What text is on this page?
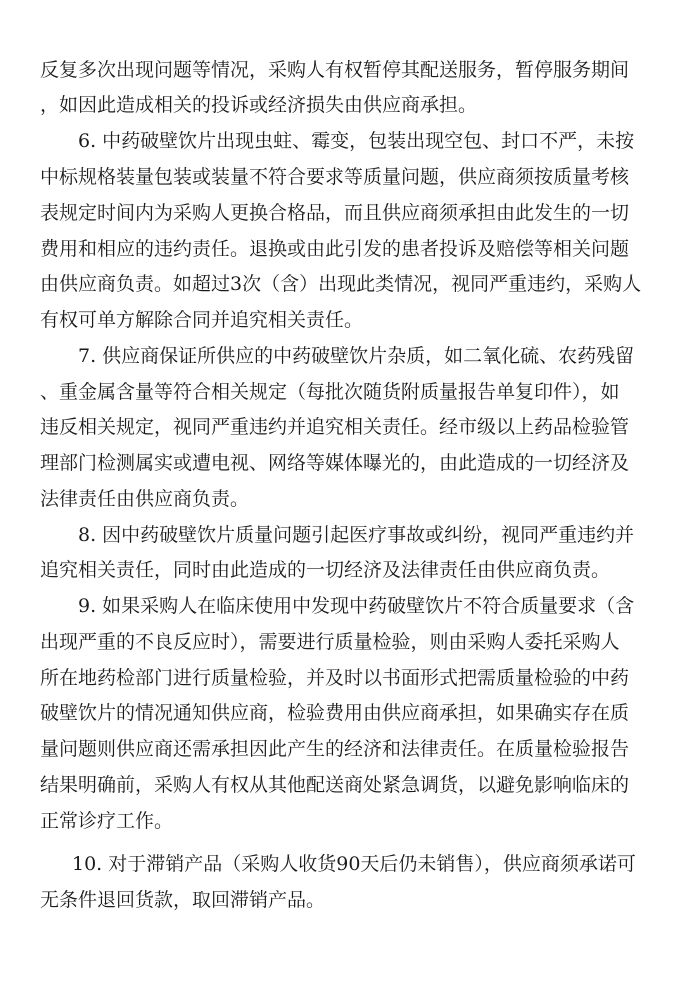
反复多次出现问题等情况，采购人有权暂停其配送服务，暂停服务期间
，如因此造成相关的投诉或经济损失由供应商承担。
6. 中药破壁饮片出现虫蛀、霉变，包装出现空包、封口不严，未按
中标规格装量包装或装量不符合要求等质量问题，供应商须按质量考核
表规定时间内为采购人更换合格品，而且供应商须承担由此发生的一切
费用和相应的违约责任。退换或由此引发的患者投诉及赔偿等相关问题
由供应商负责。如超过3次（含）出现此类情况，视同严重违约，采购人
有权可单方解除合同并追究相关责任。
7. 供应商保证所供应的中药破壁饮片杂质，如二氧化硫、农药残留
、重金属含量等符合相关规定（每批次随货附质量报告单复印件），如
违反相关规定，视同严重违约并追究相关责任。经市级以上药品检验管
理部门检测属实或遭电视、网络等媒体曝光的，由此造成的一切经济及
法律责任由供应商负责。
8. 因中药破壁饮片质量问题引起医疗事故或纠纷，视同严重违约并
追究相关责任，同时由此造成的一切经济及法律责任由供应商负责。
9. 如果采购人在临床使用中发现中药破壁饮片不符合质量要求（含
出现严重的不良反应时），需要进行质量检验，则由采购人委托采购人
所在地药检部门进行质量检验，并及时以书面形式把需质量检验的中药
破壁饮片的情况通知供应商，检验费用由供应商承担，如果确实存在质
量问题则供应商还需承担因此产生的经济和法律责任。在质量检验报告
结果明确前，采购人有权从其他配送商处紧急调货，以避免影响临床的
正常诊疗工作。
10. 对于滞销产品（采购人收货90天后仍未销售），供应商须承诺可
无条件退回货款，取回滞销产品。
